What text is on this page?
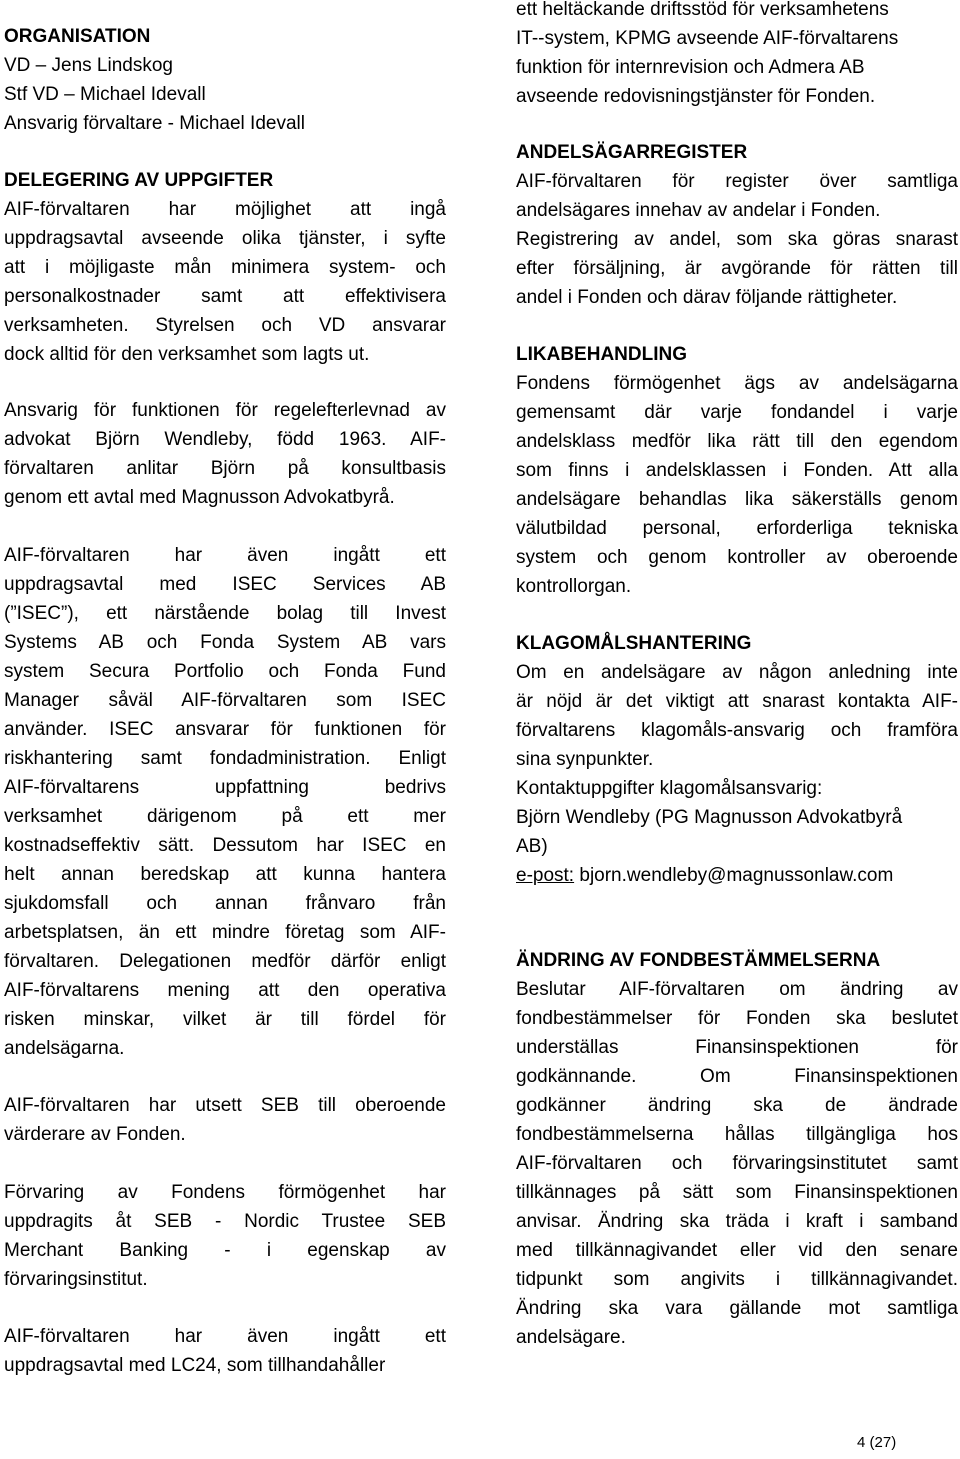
ORGANISATION
VD – Jens Lindskog
Stf VD – Michael Idevall
Ansvarig förvaltare - Michael Idevall
DELEGERING AV UPPGIFTER
AIF-förvaltaren har möjlighet att ingå
uppdragsavtal avseende olika tjänster, i syfte
att i möjligaste mån minimera system- och
personalkostnader samt att effektivisera
verksamheten. Styrelsen och VD ansvarar
dock alltid för den verksamhet som lagts ut.
Ansvarig för funktionen för regelefterlevnad av
advokat Björn Wendleby, född 1963. AIF-
förvaltaren anlitar Björn på konsultbasis
genom ett avtal med Magnusson Advokatbyrå.
AIF-förvaltaren har även ingått ett
uppdragsavtal med ISEC Services AB
(”ISEC”), ett närstående bolag till Invest
Systems AB och Fonda System AB vars
system Secura Portfolio och Fonda Fund
Manager såväl AIF-förvaltaren som ISEC
använder. ISEC ansvarar för funktionen för
riskhantering samt fondadministration. Enligt
AIF-förvaltarens uppfattning bedrivs
verksamhet därigenom på ett mer
kostnadseffektiv sätt. Dessutom har ISEC en
helt annan beredskap att kunna hantera
sjukdomsfall och annan frånvaro från
arbetsplatsen, än ett mindre företag som AIF-
förvaltaren. Delegationen medför därför enligt
AIF-förvaltarens mening att den operativa
risken minskar, vilket är till fördel för
andelsägarna.
AIF-förvaltaren har utsett SEB till oberoende
värderare av Fonden.
Förvaring av Fondens förmögenhet har
uppdragits åt SEB - Nordic Trustee SEB
Merchant Banking - i egenskap av
förvaringsinstitut.
AIF-förvaltaren har även ingått ett
uppdragsavtal med LC24, som tillhandahåller
ett heltäckande driftsstöd för verksamhetens
IT--system, KPMG avseende AIF-förvaltarens
funktion för internrevision och Admera AB
avseende redovisningstjänster för Fonden.
ANDELSÄGARREGISTER
AIF-förvaltaren för register över samtliga
andelsägares innehav av andelar i Fonden.
Registrering av andel, som ska göras snarast
efter försäljning, är avgörande för rätten till
andel i Fonden och därav följande rättigheter.
LIKABEHANDLING
Fondens förmögenhet ägs av andelsägarna
gemensamt där varje fondandel i varje
andelsklass medför lika rätt till den egendom
som finns i andelsklassen i Fonden. Att alla
andelsägare behandlas lika säkerställs genom
välutbildad personal, erforderliga tekniska
system och genom kontroller av oberoende
kontrollorgan.
KLAGOMÅLSHANTERING
Om en andelsägare av någon anledning inte
är nöjd är det viktigt att snarast kontakta AIF-
förvaltarens klagomåls-ansvarig och framföra
sina synpunkter.
Kontaktuppgifter klagomålsansvarig:
Björn Wendleby (PG Magnusson Advokatbyrå
AB)
e-post: bjorn.wendleby@magnussonlaw.com
ÄNDRING AV FONDBESTÄMMELSERNA
Beslutar AIF-förvaltaren om ändring av
fondbestämmelser för Fonden ska beslutet
underställas Finansinspektionen för
godkännande. Om Finansinspektionen
godkänner ändring ska de ändrade
fondbestämmelserna hållas tillgängliga hos
AIF-förvaltaren och förvaringsinstitutet samt
tillkännages på sätt som Finansinspektionen
anvisar. Ändring ska träda i kraft i samband
med tillkännagivandet eller vid den senare
tidpunkt som angivits i tillkännagivandet.
Ändring ska vara gällande mot samtliga
andelsägare.
4 (27)
